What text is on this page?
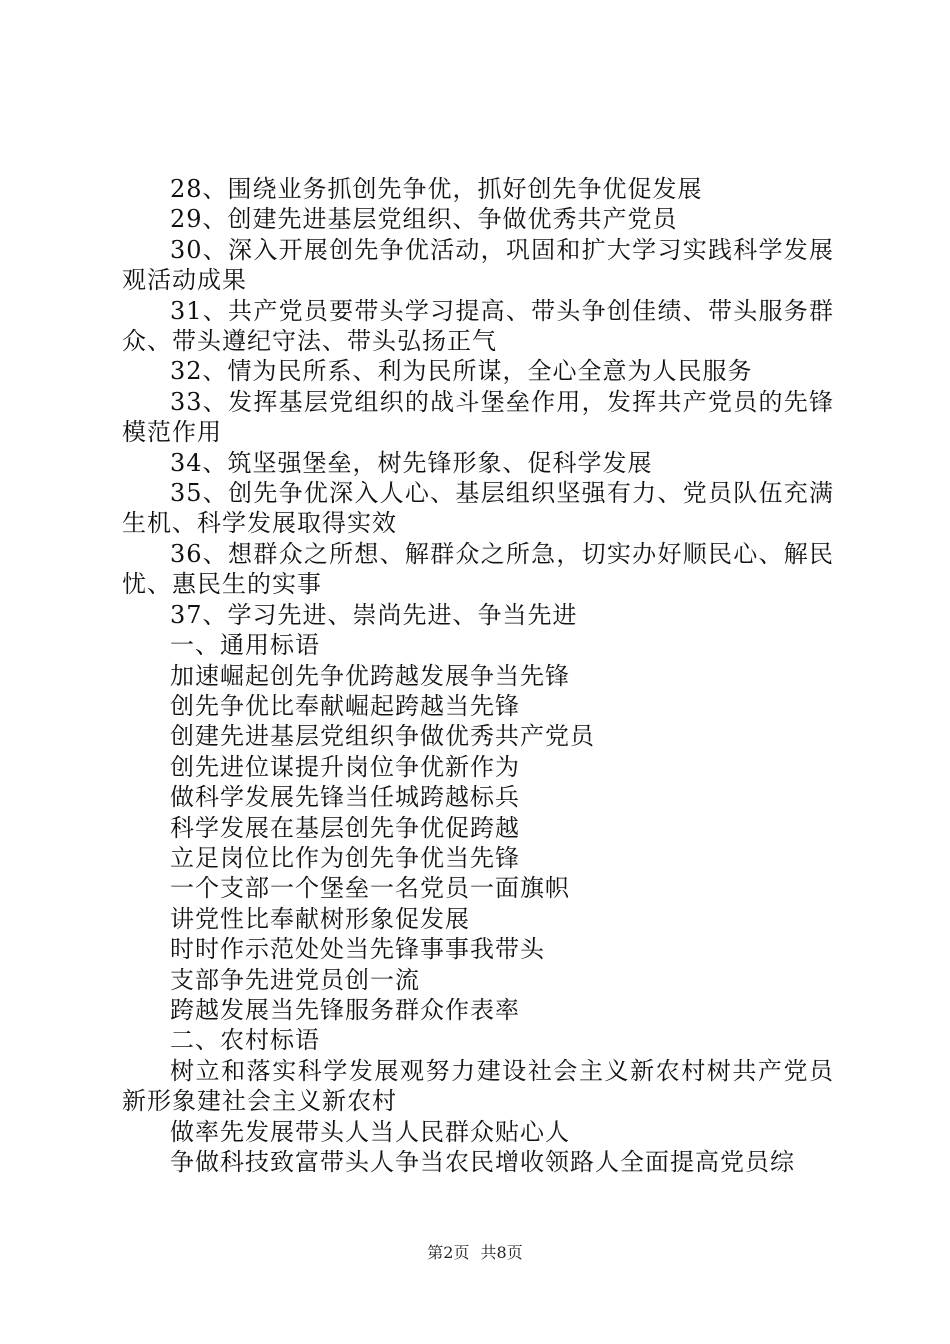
28、围绕业务抓创先争优，抓好创先争优促发展

29、创建先进基层党组织、争做优秀共产党员

30、深入开展创先争优活动，巩固和扩大学习实践科学发展观活动成果

31、共产党员要带头学习提高、带头争创佳绩、带头服务群众、带头遵纪守法、带头弘扬正气

32、情为民所系、利为民所谋，全心全意为人民服务

33、发挥基层党组织的战斗堡垒作用，发挥共产党员的先锋模范作用

34、筑坚强堡垒，树先锋形象、促科学发展

35、创先争优深入人心、基层组织坚强有力、党员队伍充满生机、科学发展取得实效

36、想群众之所想、解群众之所急，切实办好顺民心、解民忧、惠民生的实事

37、学习先进、崇尚先进、争当先进

一、通用标语

加速崛起创先争优跨越发展争当先锋

创先争优比奉献崛起跨越当先锋

创建先进基层党组织争做优秀共产党员

创先进位谋提升岗位争优新作为

做科学发展先锋当任城跨越标兵

科学发展在基层创先争优促跨越

立足岗位比作为创先争优当先锋

一个支部一个堡垒一名党员一面旗帜

讲党性比奉献树形象促发展

时时作示范处处当先锋事事我带头

支部争先进党员创一流

跨越发展当先锋服务群众作表率

二、农村标语

树立和落实科学发展观努力建设社会主义新农村树共产党员新形象建社会主义新农村

做率先发展带头人当人民群众贴心人

争做科技致富带头人争当农民增收领路人全面提高党员综

第2页 共8页
